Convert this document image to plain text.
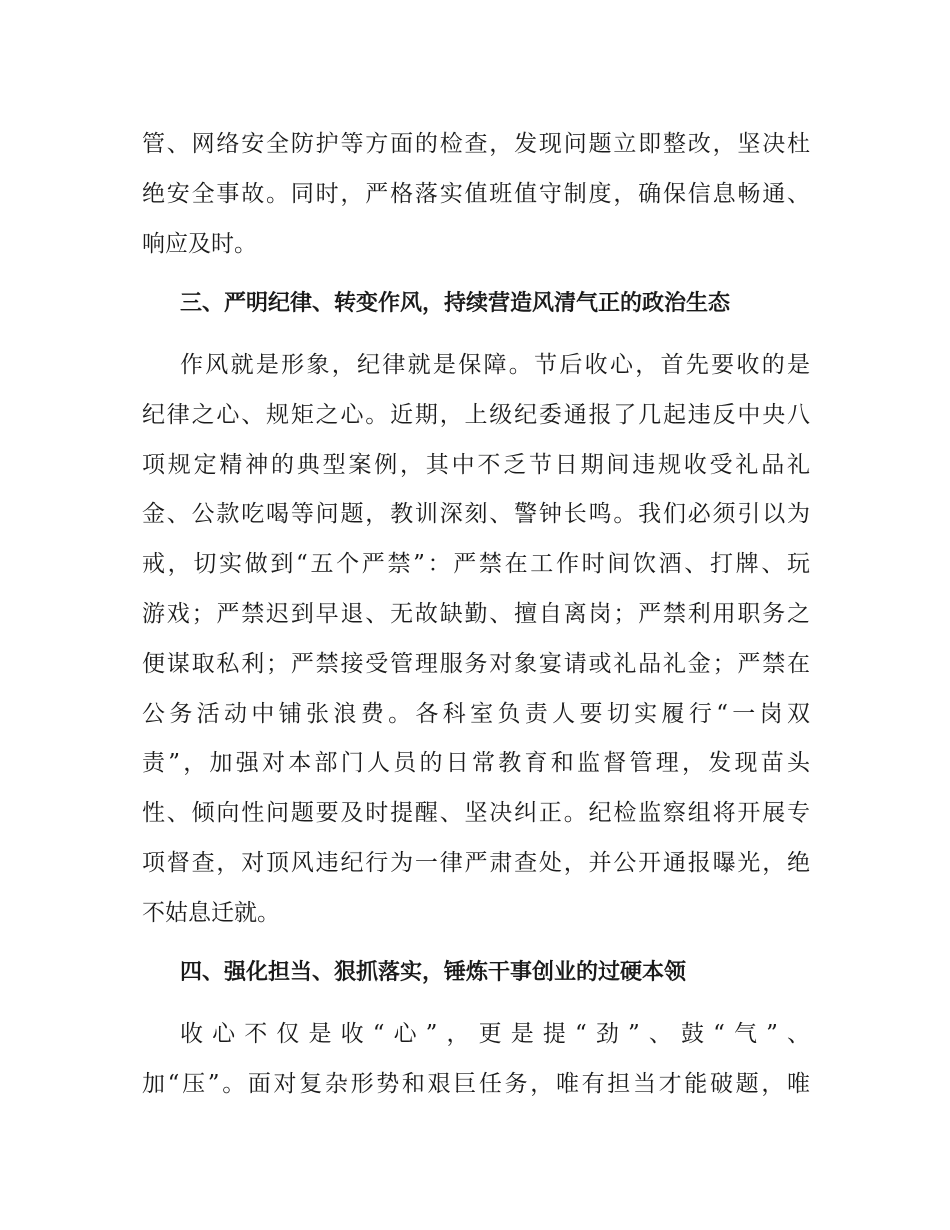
管、网络安全防护等方面的检查，发现问题立即整改，坚决杜
绝安全事故。同时，严格落实值班值守制度，确保信息畅通、
响应及时。
三、严明纪律、转变作风，持续营造风清气正的政治生态
作风就是形象，纪律就是保障。节后收心，首先要收的是
纪律之心、规矩之心。近期，上级纪委通报了几起违反中央八
项规定精神的典型案例，其中不乏节日期间违规收受礼品礼
金、公款吃喝等问题，教训深刻、警钟长鸣。我们必须引以为
戒，切实做到“五个严禁”：严禁在工作时间饮酒、打牌、玩
游戏；严禁迟到早退、无故缺勤、擅自离岗；严禁利用职务之
便谋取私利；严禁接受管理服务对象宴请或礼品礼金；严禁在
公务活动中铺张浪费。各科室负责人要切实履行“一岗双
责”，加强对本部门人员的日常教育和监督管理，发现苗头
性、倾向性问题要及时提醒、坚决纠正。纪检监察组将开展专
项督查，对顶风违纪行为一律严肃查处，并公开通报曝光，绝
不姑息迁就。
四、强化担当、狠抓落实，锤炼干事创业的过硬本领
收心不仅是收“心”，更是提“劲”、鼓“气”、
加“压”。面对复杂形势和艰巨任务，唯有担当才能破题，唯
